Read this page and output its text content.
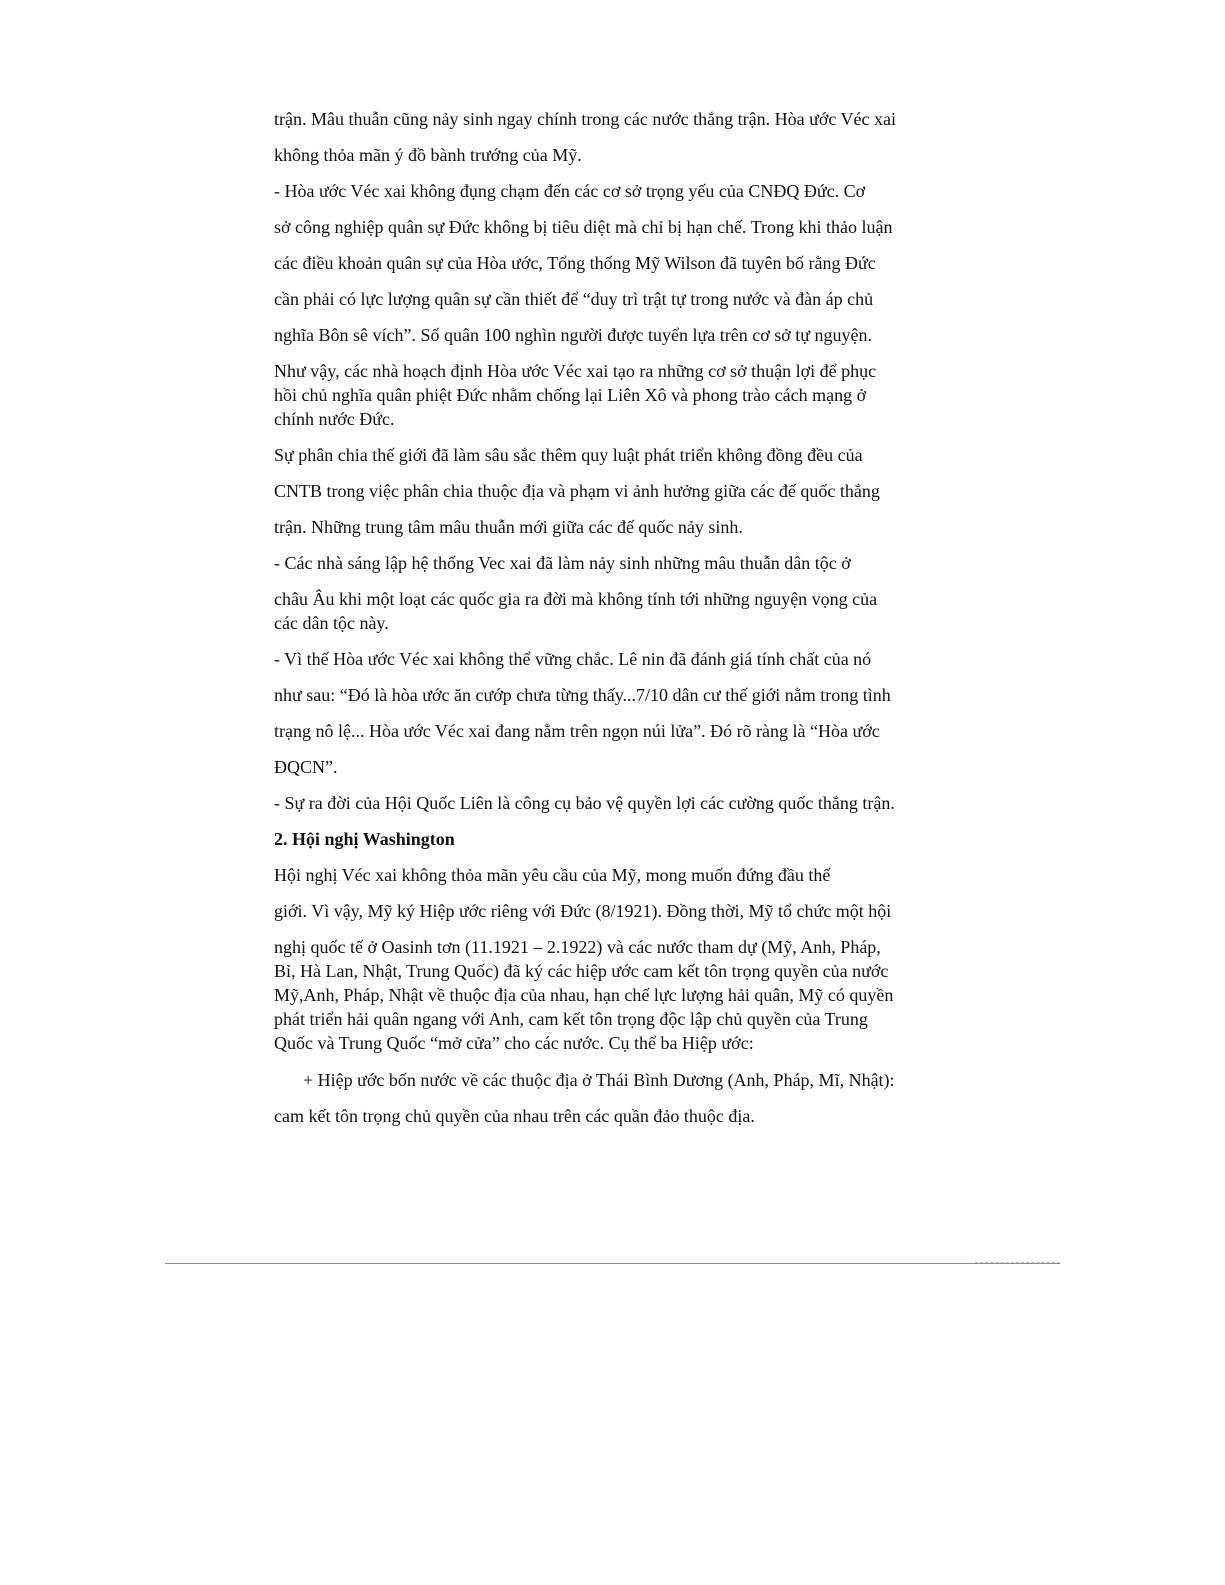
trận. Mâu thuẫn cũng nảy sinh ngay chính trong các nước thắng trận. Hòa ước Véc xai

không thỏa mãn ý đồ bành trướng của Mỹ.

- Hòa ước Véc xai không đụng chạm đến các cơ sở trọng yếu của CNĐQ Đức. Cơ

sở công nghiệp quân sự Đức không bị tiêu diệt mà chỉ bị hạn chế. Trong khi thảo luận

các điều khoản quân sự của Hòa ước, Tổng thống Mỹ Wilson đã tuyên bố rằng Đức

cần phải có lực lượng quân sự cần thiết để “duy trì trật tự trong nước và đàn áp chủ

nghĩa Bôn sê vích”. Số quân 100 nghìn người được tuyển lựa trên cơ sở tự nguyện.

Như vậy, các nhà hoạch định Hòa ước Véc xai tạo ra những cơ sở thuận lợi để phục

hồi chủ nghĩa quân phiệt Đức nhằm chống lại Liên Xô và phong trào cách mạng ở

chính nước Đức.

Sự phân chia thế giới đã làm sâu sắc thêm quy luật phát triển không đồng đều của

CNTB trong việc phân chia thuộc địa và phạm vi ảnh hưởng giữa các đế quốc thắng

trận. Những trung tâm mâu thuẫn mới giữa các đế quốc nảy sinh.

- Các nhà sáng lập hệ thống Vec xai đã làm nảy sinh những mâu thuẫn dân tộc ở

châu Âu khi một loạt các quốc gia ra đời mà không tính tới những nguyện vọng của

các dân tộc này.

- Vì thế Hòa ước Véc xai không thể vững chắc. Lê nin đã đánh giá tính chất của nó

như sau: “Đó là hòa ước ăn cướp chưa từng thấy...7/10 dân cư thế giới nằm trong tình

trạng nô lệ... Hòa ước Véc xai đang nằm trên ngọn núi lửa”. Đó rõ ràng là “Hòa ước

ĐQCN”.

- Sự ra đời của Hội Quốc Liên là công cụ bảo vệ quyền lợi các cường quốc thắng trận.

2. Hội nghị Washington

Hội nghị Véc xai không thỏa mãn yêu cầu của Mỹ, mong muốn đứng đầu thế

giới. Vì vậy, Mỹ ký Hiệp ước riêng với Đức (8/1921). Đồng thời, Mỹ tổ chức một hội

nghị quốc tế ở Oasinh tơn (11.1921 – 2.1922) và các nước tham dự (Mỹ, Anh, Pháp,

Bỉ, Hà Lan, Nhật, Trung Quốc) đã ký các hiệp ước cam kết tôn trọng quyền của nước

Mỹ,Anh, Pháp, Nhật về thuộc địa của nhau, hạn chế lực lượng hải quân, Mỹ có quyền

phát triển hải quân ngang với Anh, cam kết tôn trọng độc lập chủ quyền của Trung

Quốc và Trung Quốc “mở cửa” cho các nước. Cụ thể ba Hiệp ước:

+ Hiệp ước bốn nước về các thuộc địa ở Thái Bình Dương (Anh, Pháp, Mĩ, Nhật):

cam kết tôn trọng chủ quyền của nhau trên các quần đảo thuộc địa.
